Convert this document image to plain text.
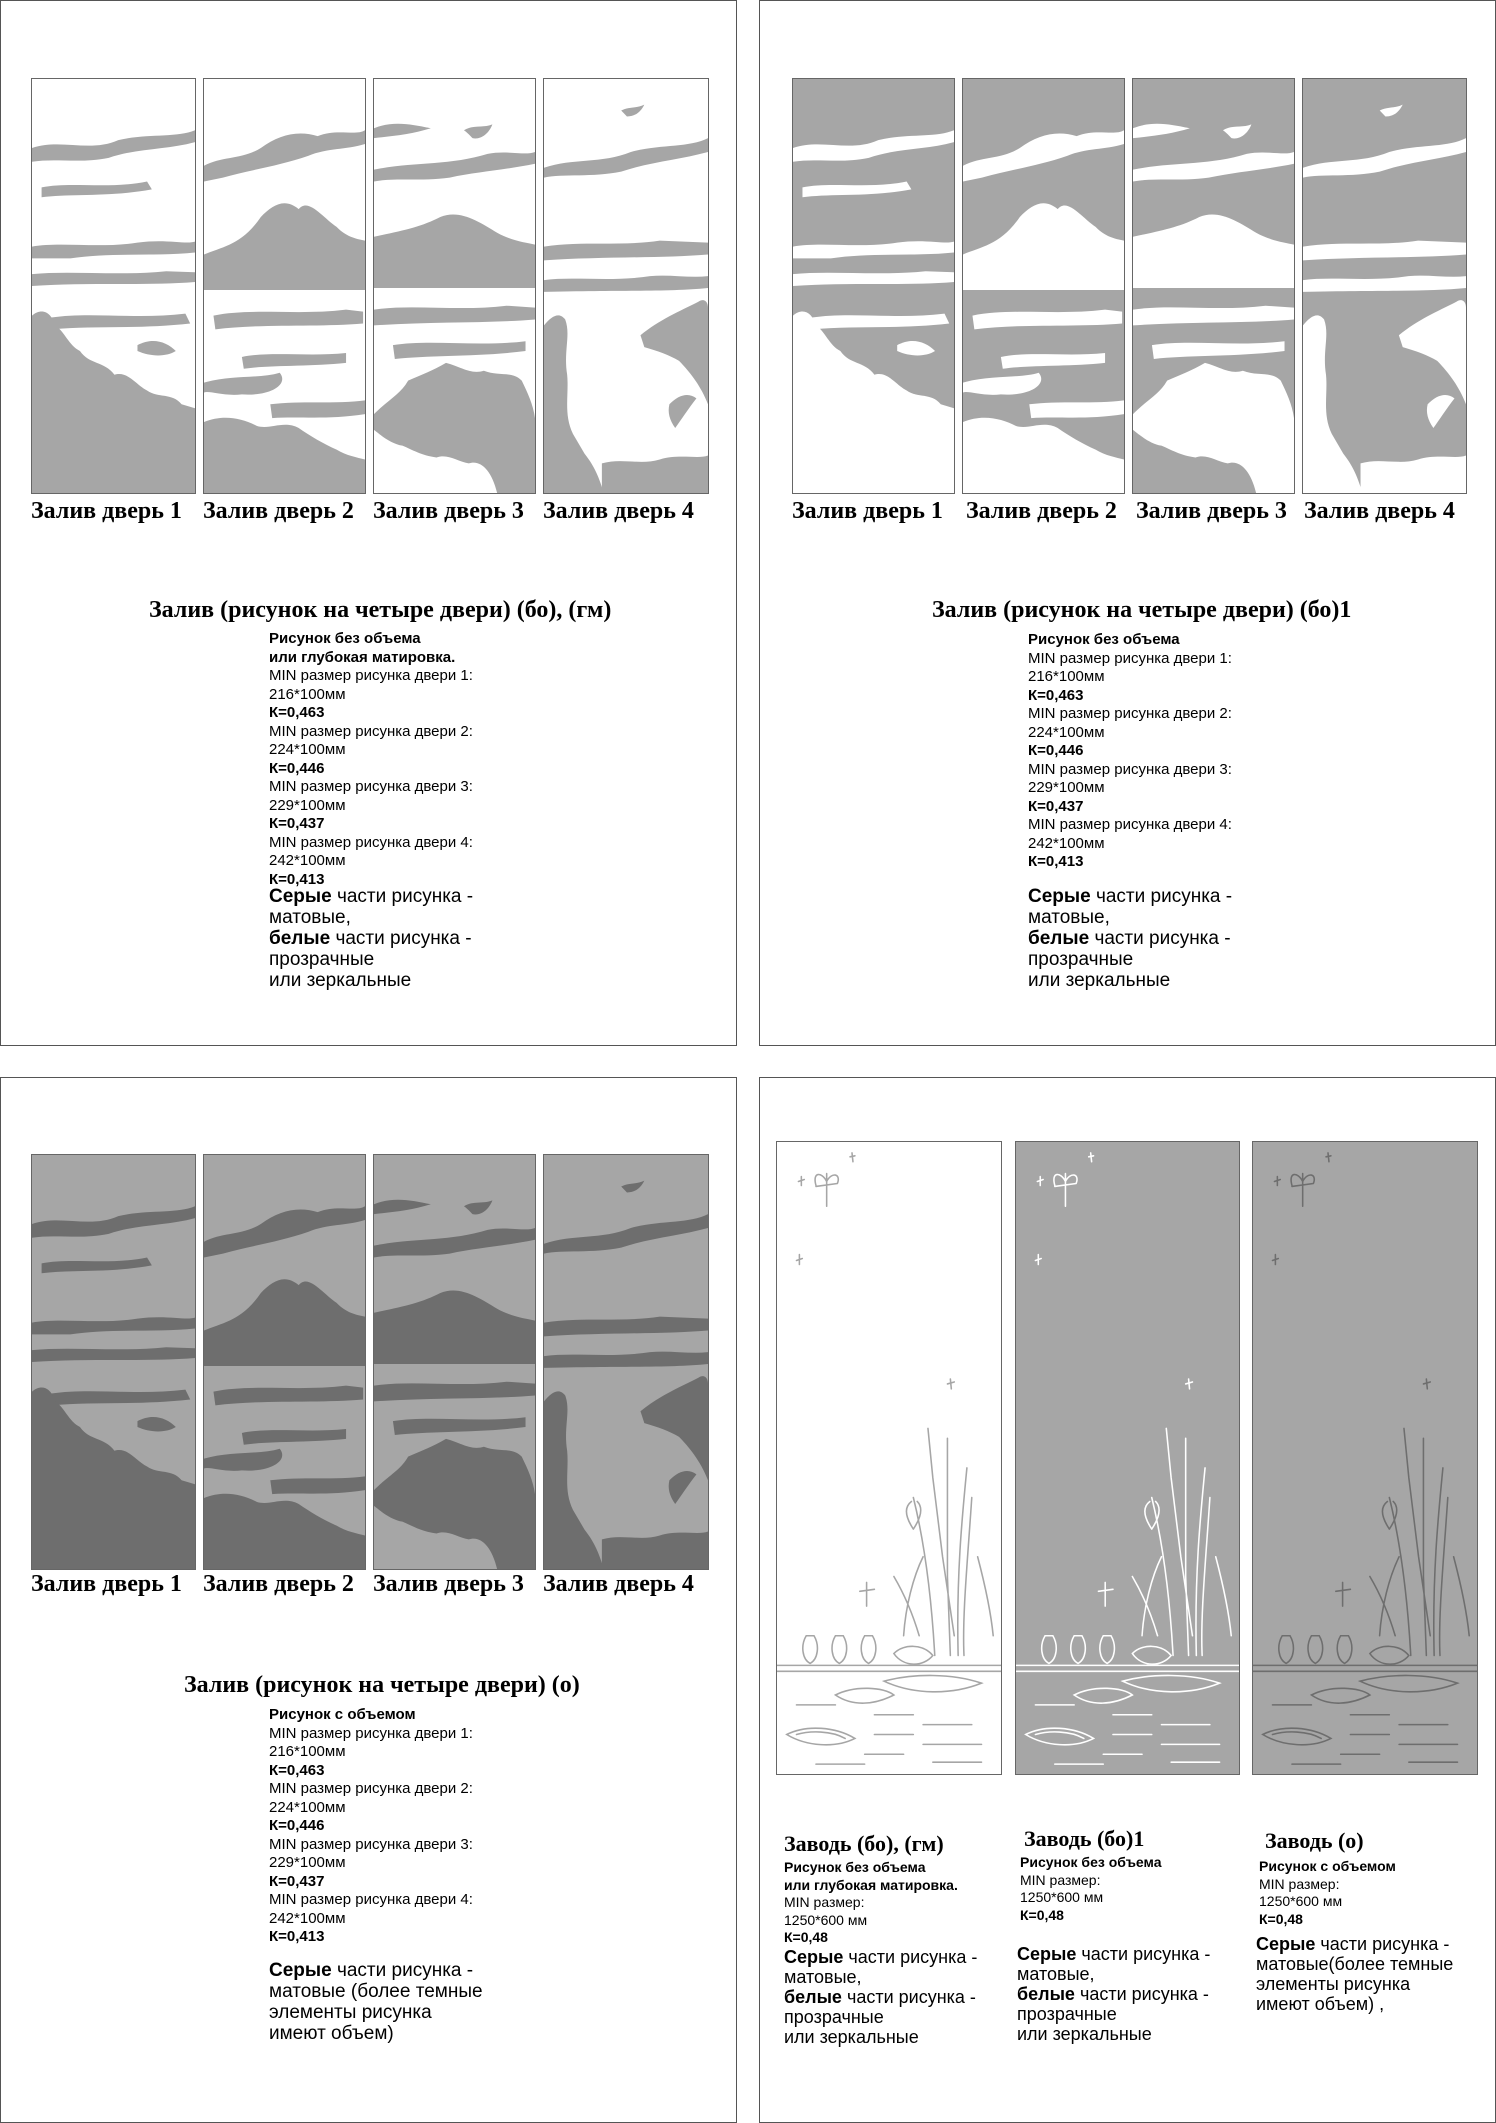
Залив дверь 1 Залив дверь 2 Залив дверь 3 Залив дверь 4
Залив (рисунок на четыре двери) (бо), (гм)
Рисунок без объема
или глубокая матировка.
MIN размер рисунка двери 1:
216*100мм
К=0,463
MIN размер рисунка двери 2:
224*100мм
К=0,446
MIN размер рисунка двери 3:
229*100мм
К=0,437
MIN размер рисунка двери 4:
242*100мм
К=0,413
Серые части рисунка -
матовые,
белые части рисунка -
прозрачные
или зеркальные
Залив дверь 1 Залив дверь 2 Залив дверь 3 Залив дверь 4
Залив (рисунок на четыре двери) (бо)1
Рисунок без объема
MIN размер рисунка двери 1:
216*100мм
К=0,463
MIN размер рисунка двери 2:
224*100мм
К=0,446
MIN размер рисунка двери 3:
229*100мм
К=0,437
MIN размер рисунка двери 4:
242*100мм
К=0,413
Серые части рисунка -
матовые,
белые части рисунка -
прозрачные
или зеркальные
Залив дверь 1 Залив дверь 2 Залив дверь 3 Залив дверь 4
Залив (рисунок на четыре двери) (о)
Рисунок с объемом
MIN размер рисунка двери 1:
216*100мм
К=0,463
MIN размер рисунка двери 2:
224*100мм
К=0,446
MIN размер рисунка двери 3:
229*100мм
К=0,437
MIN размер рисунка двери 4:
242*100мм
К=0,413
Серые части рисунка -
матовые (более темные
элементы рисунка
имеют объем)
Заводь (бо), (гм)
Рисунок без объема
или глубокая матировка.
MIN размер:
1250*600 мм
К=0,48
Серые части рисунка -
матовые,
белые части рисунка -
прозрачные
или зеркальные
Заводь (бо)1
Рисунок без объема
MIN размер:
1250*600 мм
К=0,48
Серые части рисунка -
матовые,
белые части рисунка -
прозрачные
или зеркальные
Заводь (о)
Рисунок с объемом
MIN размер:
1250*600 мм
К=0,48
Серые части рисунка -
матовые(более темные
элементы рисунка
имеют объем) ,
